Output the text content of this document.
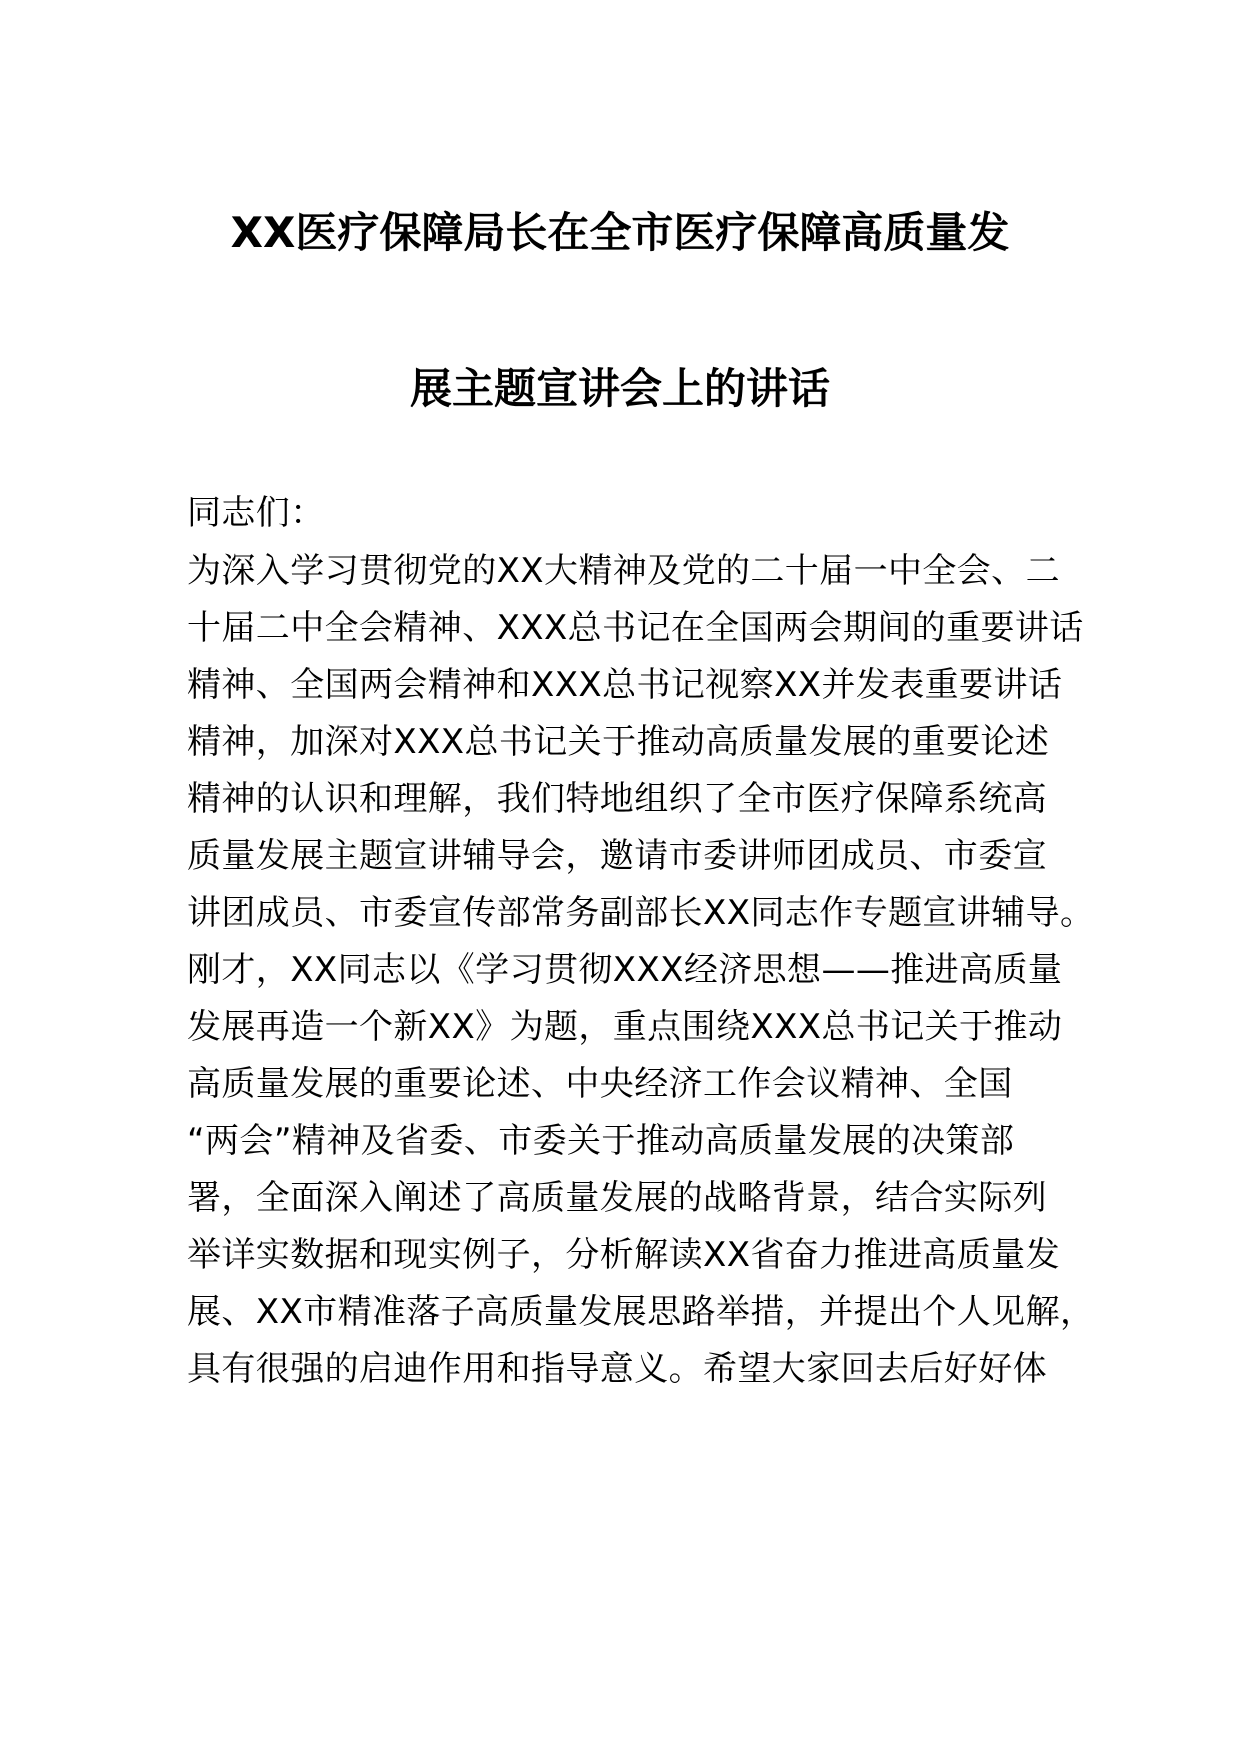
XX医疗保障局长在全市医疗保障高质量发
展主题宣讲会上的讲话
同志们：
为深入学习贯彻党的XX大精神及党的二十届一中全会、二
十届二中全会精神、XXX总书记在全国两会期间的重要讲话
精神、全国两会精神和XXX总书记视察XX并发表重要讲话
精神，加深对XXX总书记关于推动高质量发展的重要论述
精神的认识和理解，我们特地组织了全市医疗保障系统高
质量发展主题宣讲辅导会，邀请市委讲师团成员、市委宣
讲团成员、市委宣传部常务副部长XX同志作专题宣讲辅导。
刚才，XX同志以《学习贯彻XXX经济思想——推进高质量
发展再造一个新XX》为题，重点围绕XXX总书记关于推动
高质量发展的重要论述、中央经济工作会议精神、全国
“两会”精神及省委、市委关于推动高质量发展的决策部
署，全面深入阐述了高质量发展的战略背景，结合实际列
举详实数据和现实例子，分析解读XX省奋力推进高质量发
展、XX市精准落子高质量发展思路举措，并提出个人见解，
具有很强的启迪作用和指导意义。希望大家回去后好好体
